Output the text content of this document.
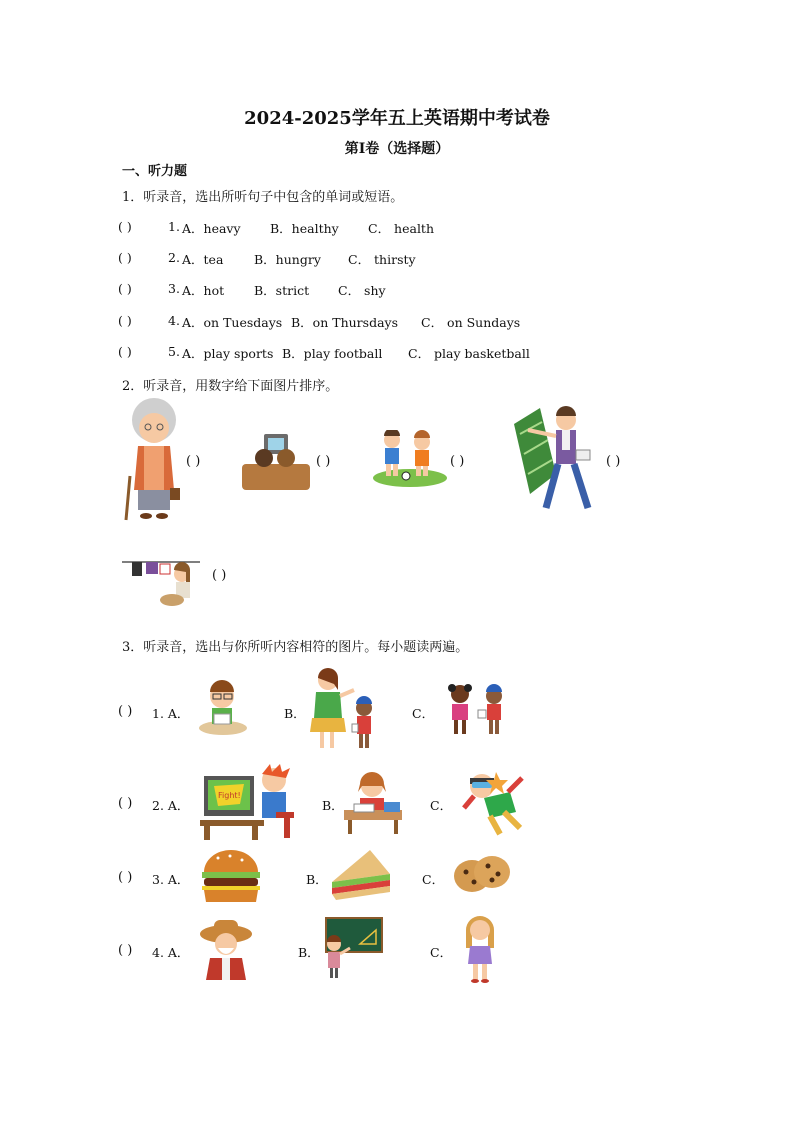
2024-2025学年五上英语期中考试卷
第Ⅰ卷（选择题）
一、听力题
1．听录音，选出所听句子中包含的单词或短语。
( )	1. A．heavy B．healthy C． health
( )	2. A．tea B．hungry C． thirsty
( )	3. A．hot B．strict C． shy
( )	4. A．on Tuesdays B．on Thursdays C． on Sundays
( )	5. A．play sports B．play football C． play basketball
2．听录音，用数字给下面图片排序。
( )	( )	( )	( )
( )
3．听录音，选出与你所听内容相符的图片。每小题读两遍。
( ) 1. A．	B．	C．
( ) 2. A．
Fight!
B．	C．
( ) 3. A．	B．	C．
( ) 4. A．	B．	C．
